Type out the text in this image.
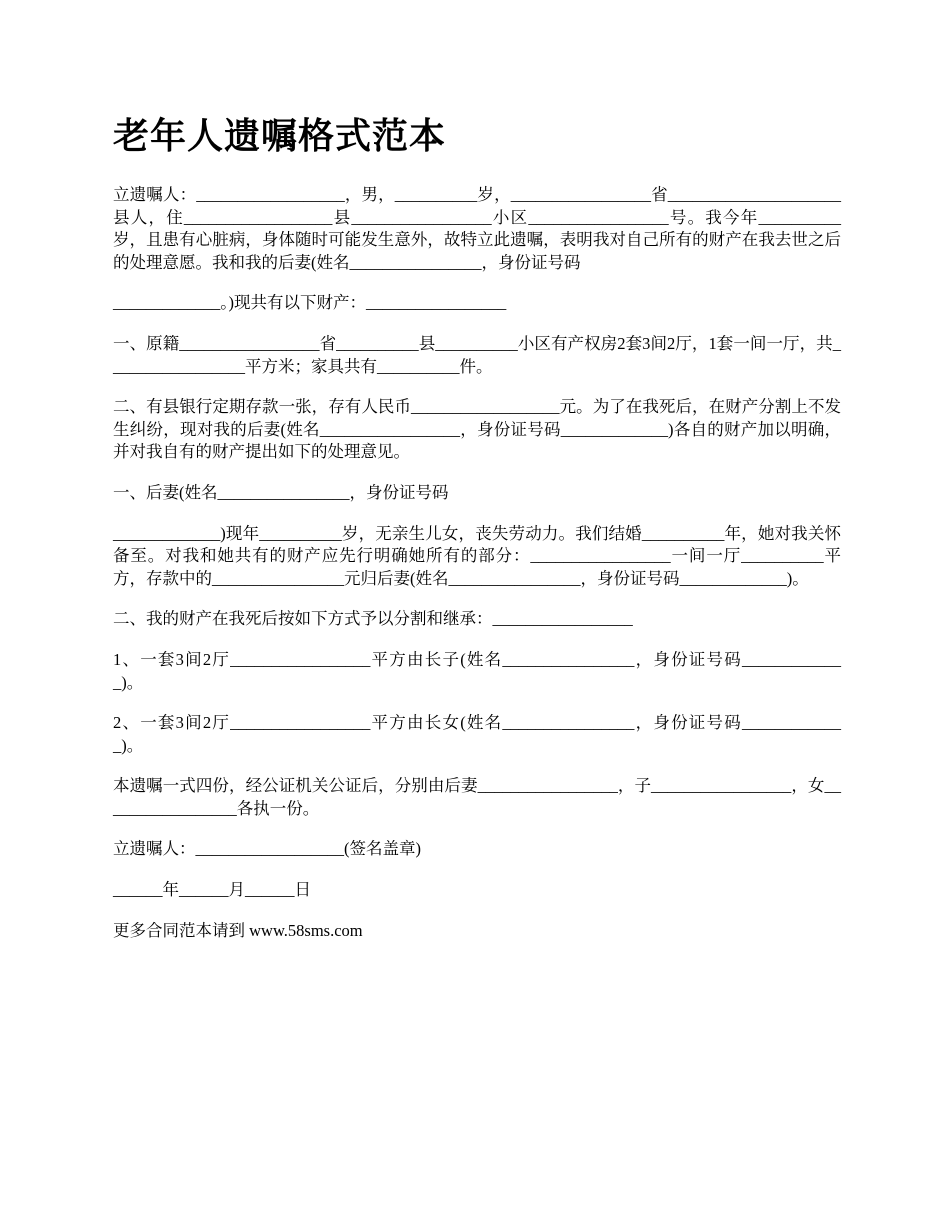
老年人遗嘱格式范本

立遗嘱人：__________________，男，__________岁，_________________省_____________________县人，住__________________县_________________小区_________________号。我今年__________岁，且患有心脏病，身体随时可能发生意外，故特立此遗嘱，表明我对自己所有的财产在我去世之后的处理意愿。我和我的后妻(姓名________________，身份证号码

_____________。)现共有以下财产：_________________

一、原籍_________________省__________县__________小区有产权房2套3间2厅，1套一间一厅，共_________________平方米；家具共有__________件。

二、有县银行定期存款一张，存有人民币__________________元。为了在我死后，在财产分割上不发生纠纷，现对我的后妻(姓名_________________，身份证号码_____________)各自的财产加以明确，并对我自有的财产提出如下的处理意见。

一、后妻(姓名________________，身份证号码

_____________)现年__________岁，无亲生儿女，丧失劳动力。我们结婚__________年，她对我关怀备至。对我和她共有的财产应先行明确她所有的部分：_________________一间一厅__________平方，存款中的________________元归后妻(姓名________________，身份证号码_____________)。

二、我的财产在我死后按如下方式予以分割和继承：_________________

1、一套3间2厅_________________平方由长子(姓名________________，身份证号码_____________)。

2、一套3间2厅_________________平方由长女(姓名________________，身份证号码_____________)。

本遗嘱一式四份，经公证机关公证后，分别由后妻_________________，子_________________，女_________________各执一份。

立遗嘱人：__________________(签名盖章)

______年______月______日

更多合同范本请到 www.58sms.com
